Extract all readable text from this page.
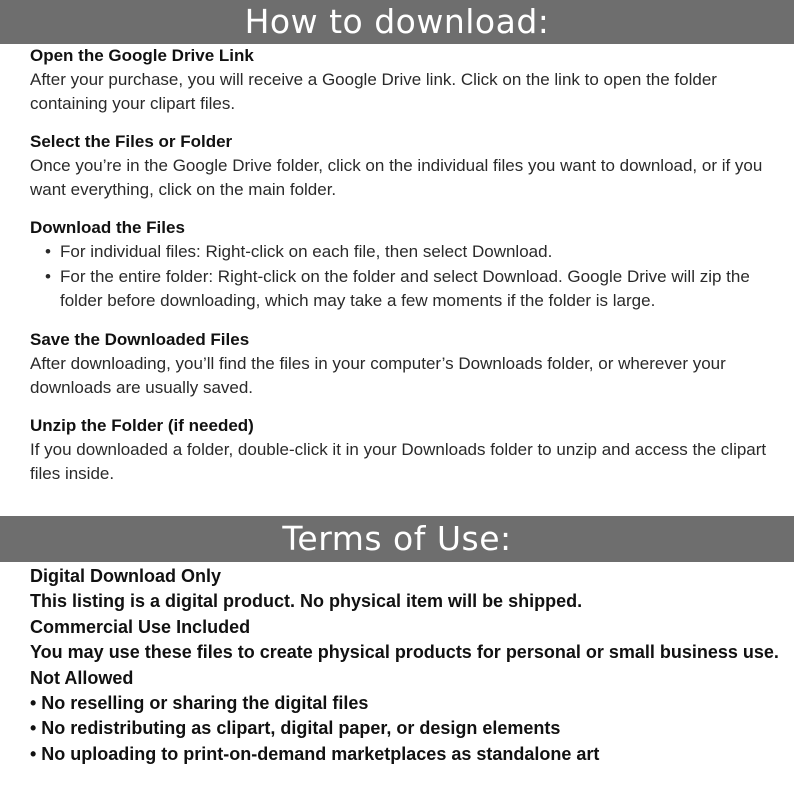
How to download:
Open the Google Drive Link
After your purchase, you will receive a Google Drive link. Click on the link to open the folder containing your clipart files.
Select the Files or Folder
Once you’re in the Google Drive folder, click on the individual files you want to download, or if you want everything, click on the main folder.
Download the Files
• For individual files: Right-click on each file, then select Download.
• For the entire folder: Right-click on the folder and select Download. Google Drive will zip the folder before downloading, which may take a few moments if the folder is large.
Save the Downloaded Files
After downloading, you’ll find the files in your computer’s Downloads folder, or wherever your downloads are usually saved.
Unzip the Folder (if needed)
If you downloaded a folder, double-click it in your Downloads folder to unzip and access the clipart files inside.
Terms of Use:
Digital Download Only
This listing is a digital product. No physical item will be shipped.
Commercial Use Included
You may use these files to create physical products for personal or small business use.
Not Allowed
• No reselling or sharing the digital files
• No redistributing as clipart, digital paper, or design elements
• No uploading to print-on-demand marketplaces as standalone art
